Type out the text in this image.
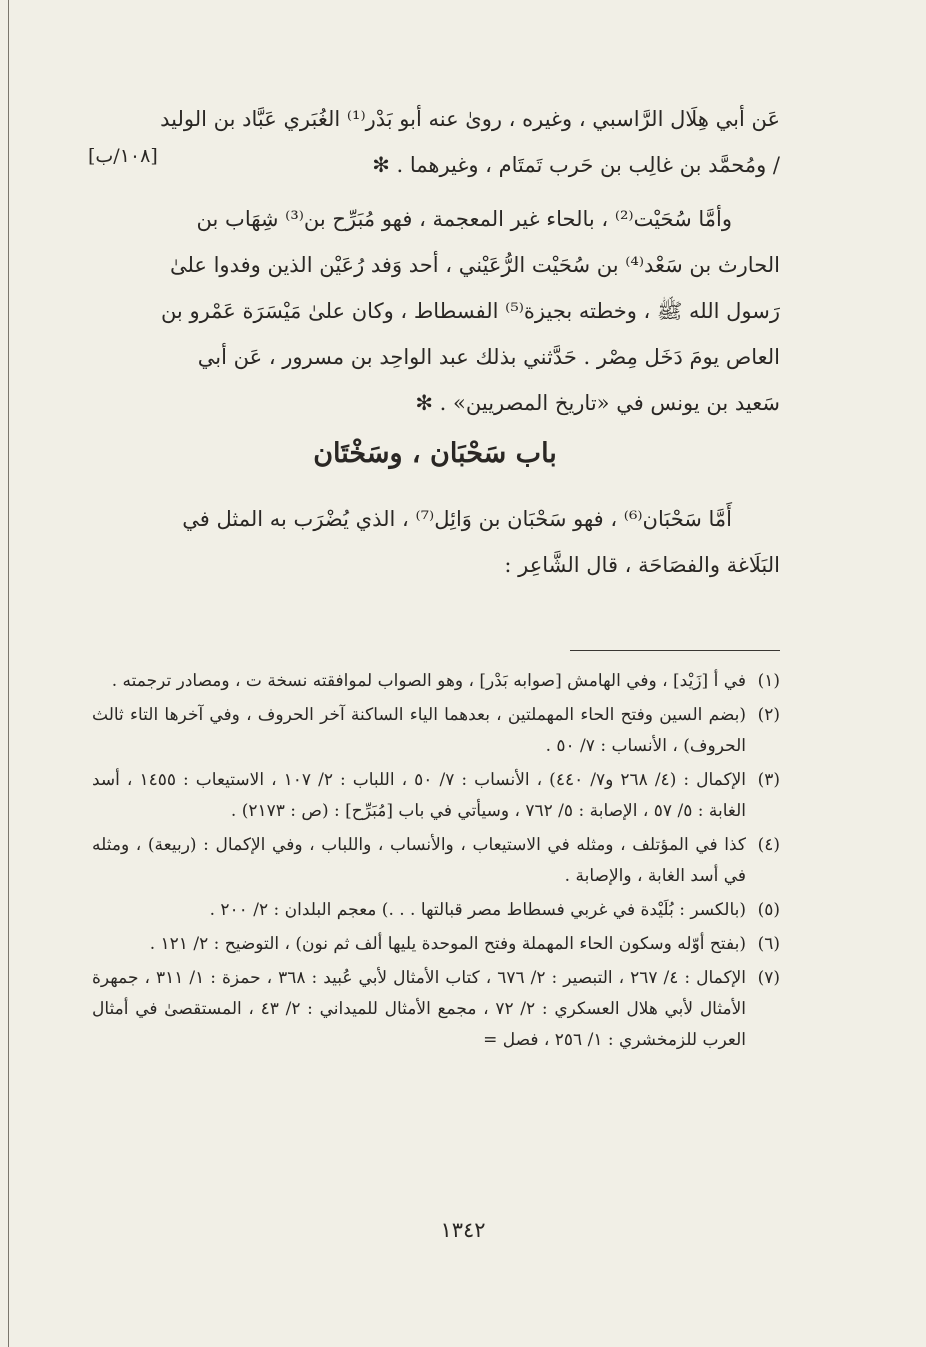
[١٠٨/ب]
عَن أبي هِلَال الرَّاسبي ، وغيره ، روىٰ عنه أبو بَدْر⁽¹⁾ الغُبَري عَبَّاد بن الوليد
/ ومُحمَّد بن غالِب بن حَرب تَمتَام ، وغيرهما . ✻
وأمَّا سُحَيْت⁽²⁾ ، بالحاء غير المعجمة ، فهو مُبَرِّح بن⁽³⁾ شِهَاب بن
الحارث بن سَعْد⁽⁴⁾ بن سُحَيْت الرُّعَيْني ، أحد وَفد رُعَيْن الذين وفدوا علىٰ
رَسول الله ﷺ ، وخطته بجيزة⁽⁵⁾ الفسطاط ، وكان علىٰ مَيْسَرَة عَمْرو بن
العاص يومَ دَخَل مِصْر . حَدَّثني بذلك عبد الواحِد بن مسرور ، عَن أبي
سَعيد بن يونس في «تاريخ المصريين» . ✻
باب سَحْبَان ، وسَخْتَان
أَمَّا سَحْبَان⁽⁶⁾ ، فهو سَحْبَان بن وَائِل⁽⁷⁾ ، الذي يُضْرَب به المثل في
البَلَاغة والفصَاحَة ، قال الشَّاعِر :
(١)
في أ [زَيْد] ، وفي الهامش [صوابه بَدْر] ، وهو الصواب لموافقته نسخة ت ، ومصادر ترجمته .
(٢)
(بضم السين وفتح الحاء المهملتين ، بعدهما الياء الساكنة آخر الحروف ، وفي آخرها التاء ثالث الحروف) ، الأنساب : ٧/ ٥٠ .
(٣)
الإكمال : (٤/ ٢٦٨ و٧/ ٤٤٠) ، الأنساب : ٧/ ٥٠ ، اللباب : ٢/ ١٠٧ ، الاستيعاب : ١٤٥٥ ، أسد الغابة : ٥/ ٥٧ ، الإصابة : ٥/ ٧٦٢ ، وسيأتي في باب [مُبَرِّح] : (ص : ٢١٧٣) .
(٤)
كذا في المؤتلف ، ومثله في الاستيعاب ، والأنساب ، واللباب ، وفي الإكمال : (ربيعة) ، ومثله في أسد الغابة ، والإصابة .
(٥)
(بالكسر : بُلَيْدة في غربي فسطاط مصر قبالتها . . .) معجم البلدان : ٢/ ٢٠٠ .
(٦)
(بفتح أوّله وسكون الحاء المهملة وفتح الموحدة يليها ألف ثم نون) ، التوضيح : ٢/ ١٢١ .
(٧)
الإكمال : ٤/ ٢٦٧ ، التبصير : ٢/ ٦٧٦ ، كتاب الأمثال لأبي عُبيد : ٣٦٨ ، حمزة : ١/ ٣١١ ، جمهرة الأمثال لأبي هلال العسكري : ٢/ ٧٢ ، مجمع الأمثال للميداني : ٢/ ٤٣ ، المستقصىٰ في أمثال العرب للزمخشري : ١/ ٢٥٦ ، فصل =
١٣٤٢
